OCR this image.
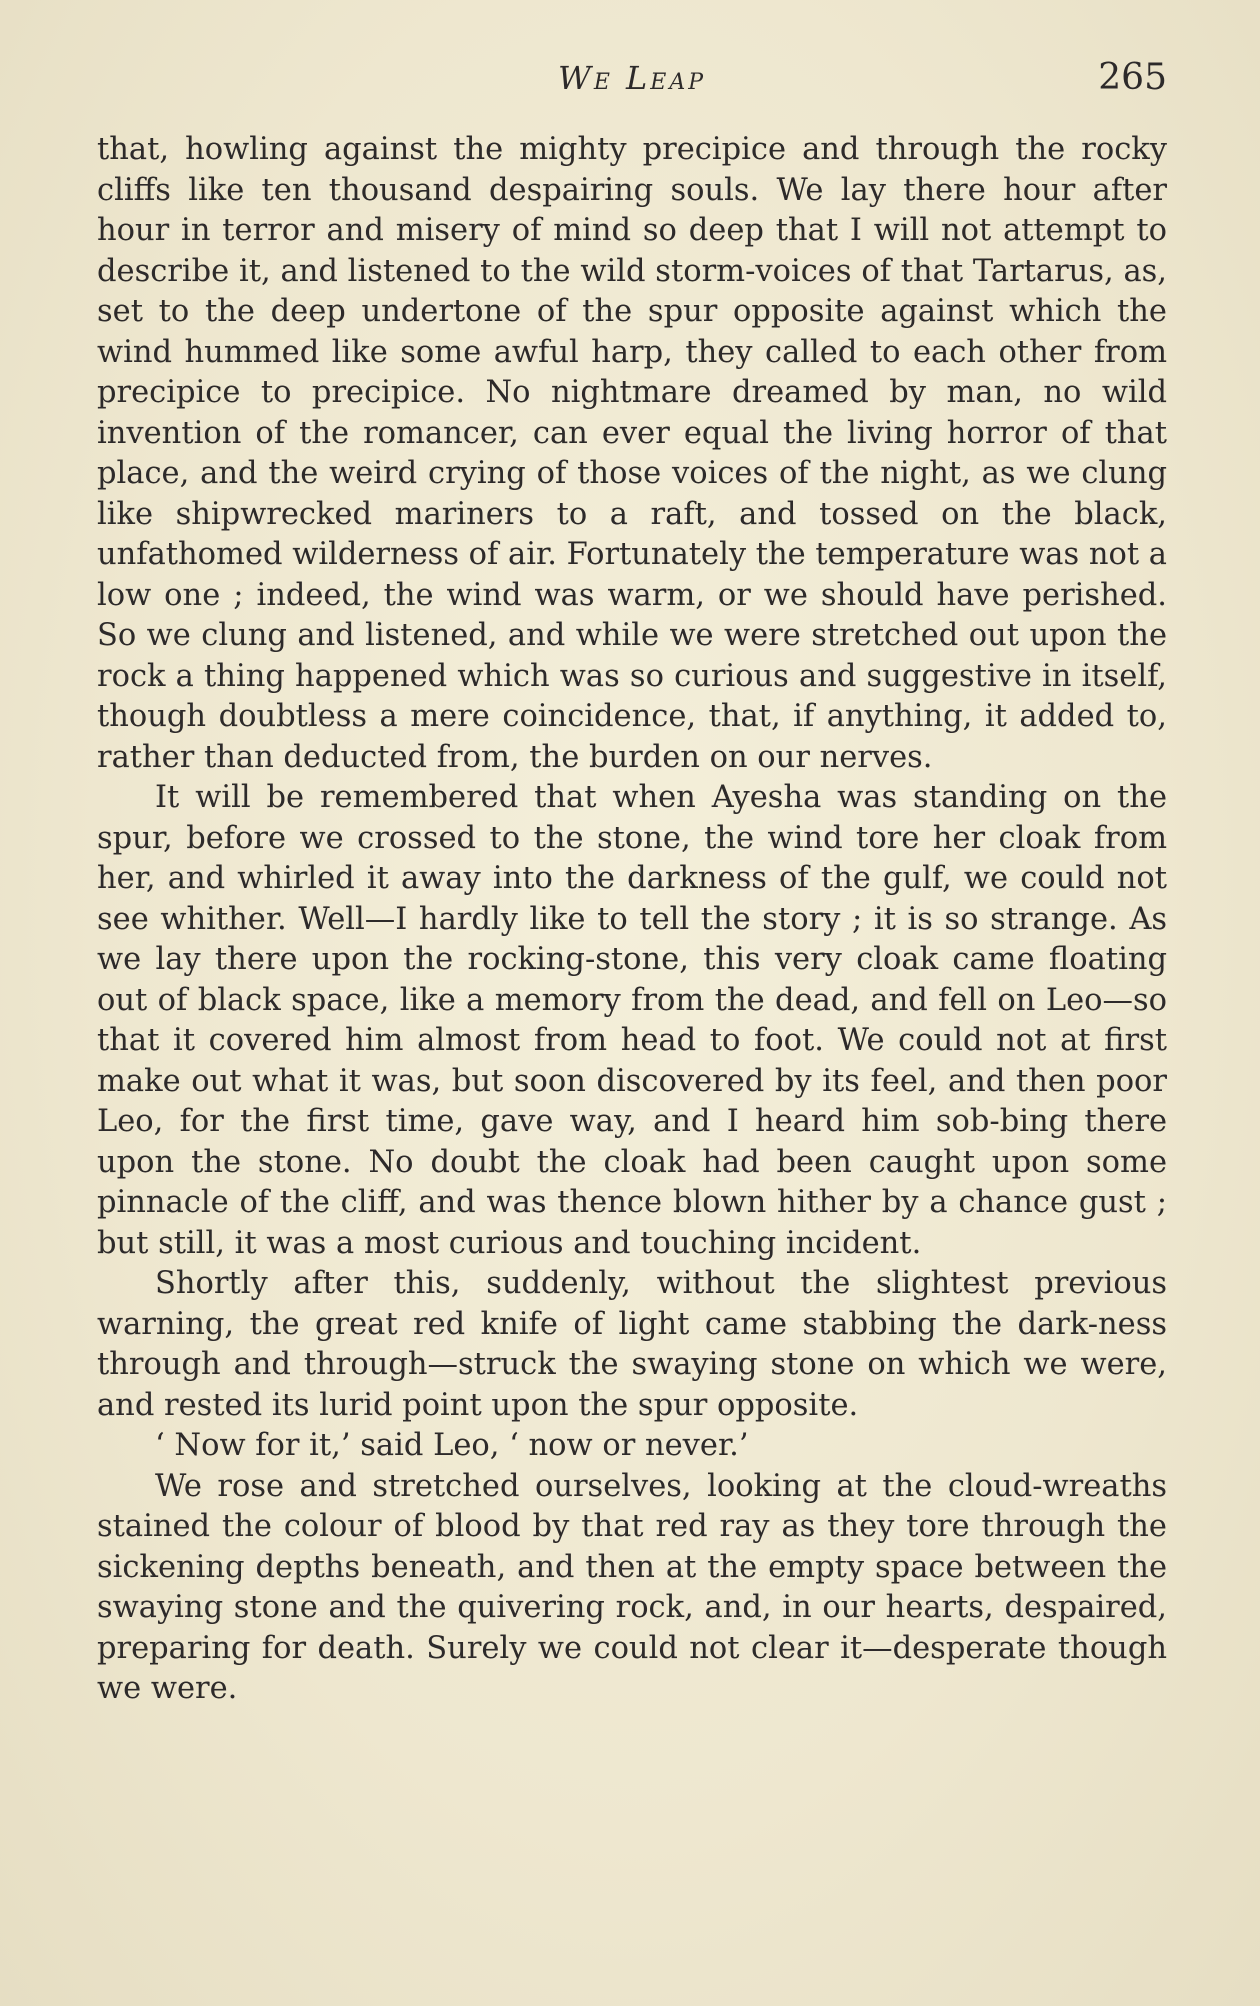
We Leap	265

that, howling against the mighty precipice and through the rocky cliffs like ten thousand despairing souls. We lay there hour after hour in terror and misery of mind so deep that I will not attempt to describe it, and listened to the wild storm-voices of that Tartarus, as, set to the deep undertone of the spur opposite against which the wind hummed like some awful harp, they called to each other from precipice to precipice. No nightmare dreamed by man, no wild invention of the romancer, can ever equal the living horror of that place, and the weird crying of those voices of the night, as we clung like shipwrecked mariners to a raft, and tossed on the black, unfathomed wilderness of air. Fortunately the temperature was not a low one ; indeed, the wind was warm, or we should have perished. So we clung and listened, and while we were stretched out upon the rock a thing happened which was so curious and suggestive in itself, though doubtless a mere coincidence, that, if anything, it added to, rather than deducted from, the burden on our nerves.

It will be remembered that when Ayesha was standing on the spur, before we crossed to the stone, the wind tore her cloak from her, and whirled it away into the darkness of the gulf, we could not see whither. Well—I hardly like to tell the story ; it is so strange. As we lay there upon the rocking-stone, this very cloak came floating out of black space, like a memory from the dead, and fell on Leo—so that it covered him almost from head to foot. We could not at first make out what it was, but soon discovered by its feel, and then poor Leo, for the first time, gave way, and I heard him sob-bing there upon the stone. No doubt the cloak had been caught upon some pinnacle of the cliff, and was thence blown hither by a chance gust ; but still, it was a most curious and touching incident.

Shortly after this, suddenly, without the slightest previous warning, the great red knife of light came stabbing the dark-ness through and through—struck the swaying stone on which we were, and rested its lurid point upon the spur opposite.

‘ Now for it,’ said Leo, ‘ now or never.’

We rose and stretched ourselves, looking at the cloud-wreaths stained the colour of blood by that red ray as they tore through the sickening depths beneath, and then at the empty space between the swaying stone and the quivering rock, and, in our hearts, despaired, preparing for death. Surely we could not clear it—desperate though we were.
